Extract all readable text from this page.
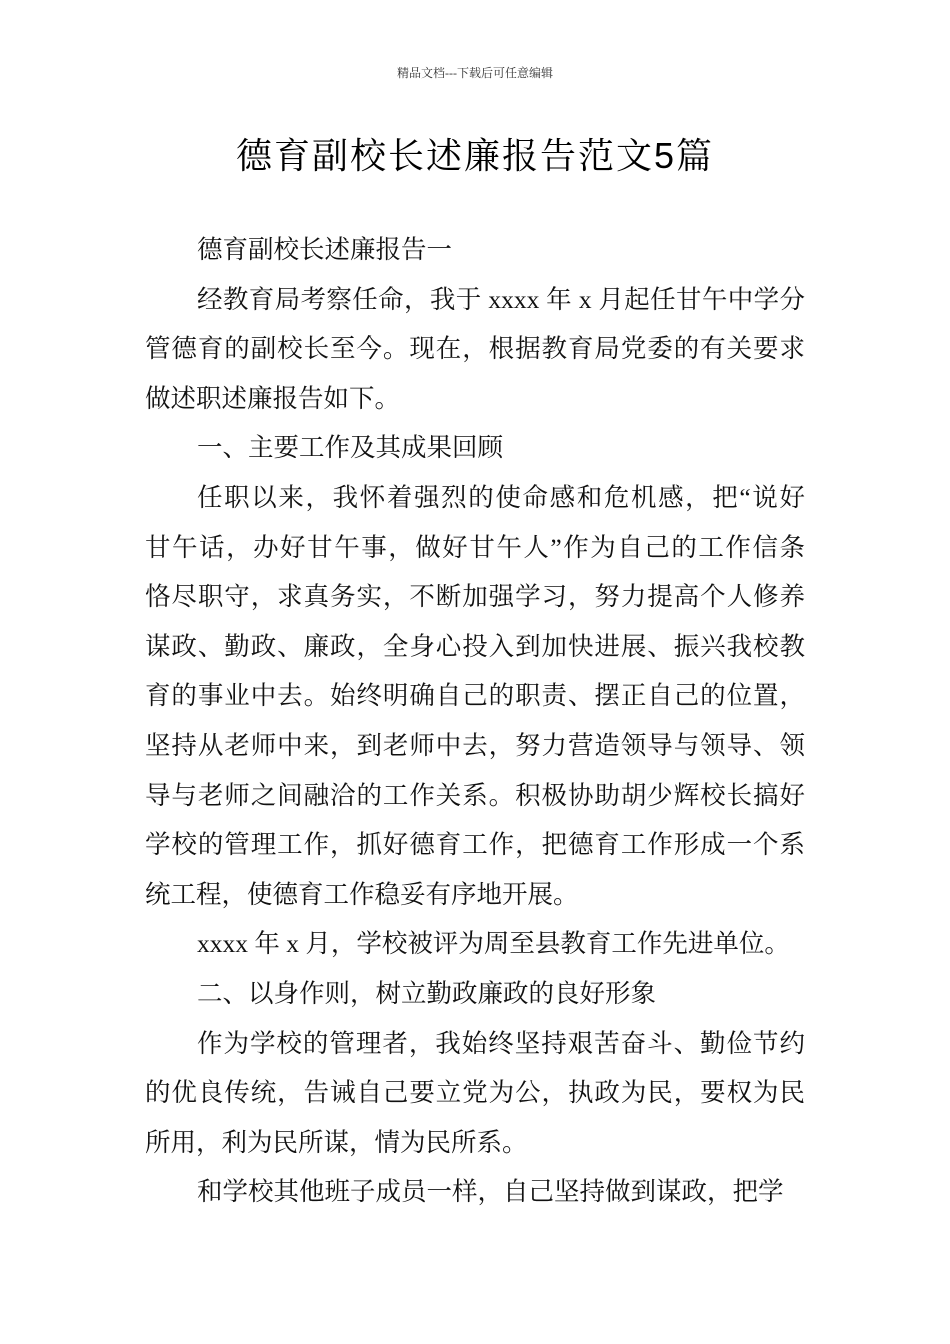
精品文档---下载后可任意编辑
德育副校长述廉报告范文5篇
德育副校长述廉报告一
经教育局考察任命，我于 xxxx 年 x 月起任甘午中学分
管德育的副校长至今。现在，根据教育局党委的有关要求
做述职述廉报告如下。
一、主要工作及其成果回顾
任职以来，我怀着强烈的使命感和危机感，把“说好
甘午话，办好甘午事，做好甘午人”作为自己的工作信条
恪尽职守，求真务实，不断加强学习，努力提高个人修养
谋政、勤政、廉政，全身心投入到加快进展、振兴我校教
育的事业中去。始终明确自己的职责、摆正自己的位置，
坚持从老师中来，到老师中去，努力营造领导与领导、领
导与老师之间融洽的工作关系。积极协助胡少辉校长搞好
学校的管理工作，抓好德育工作，把德育工作形成一个系
统工程，使德育工作稳妥有序地开展。
xxxx 年 x 月，学校被评为周至县教育工作先进单位。
二、以身作则，树立勤政廉政的良好形象
作为学校的管理者，我始终坚持艰苦奋斗、勤俭节约
的优良传统，告诫自己要立党为公，执政为民，要权为民
所用，利为民所谋，情为民所系。
和学校其他班子成员一样，自己坚持做到谋政，把学
